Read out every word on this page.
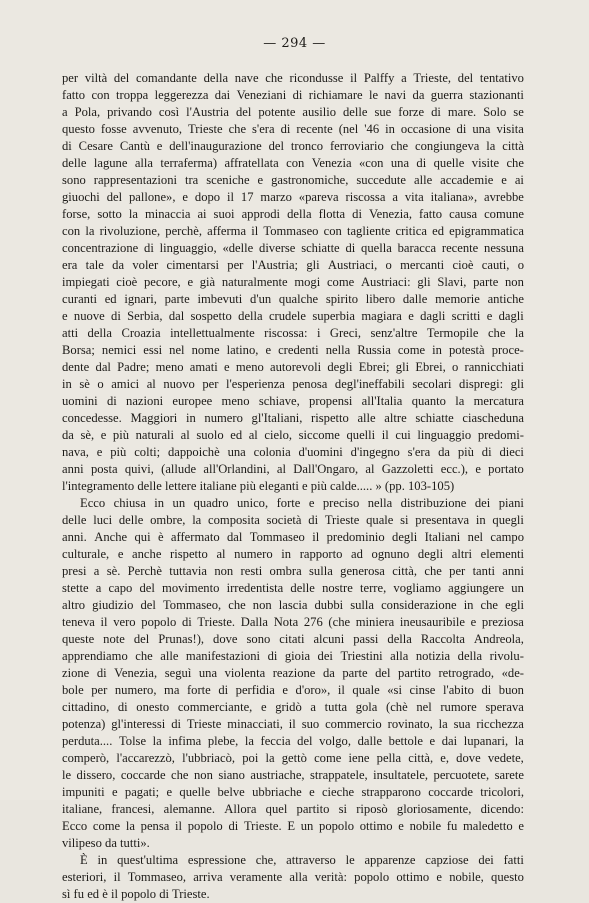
— 294 —
per viltà del comandante della nave che ricondusse il Palffy a Trieste, del tentativo
fatto con troppa leggerezza dai Veneziani di richiamare le navi da guerra stazionanti
a Pola, privando così l'Austria del potente ausilio delle sue forze di mare. Solo se
questo fosse avvenuto, Trieste che s'era di recente (nel '46 in occasione di una visita
di Cesare Cantù e dell'inaugurazione del tronco ferroviario che congiungeva la città
delle lagune alla terraferma) affratellata con Venezia «con una di quelle visite che
sono rappresentazioni tra sceniche e gastronomiche, succedute alle accademie e ai
giuochi del pallone», e dopo il 17 marzo «pareva riscossa a vita italiana», avrebbe
forse, sotto la minaccia ai suoi approdi della flotta di Venezia, fatto causa comune
con la rivoluzione, perchè, afferma il Tommaseo con tagliente critica ed epigrammatica
concentrazione di linguaggio, «delle diverse schiatte di quella baracca recente nessuna
era tale da voler cimentarsi per l'Austria; gli Austriaci, o mercanti cioè cauti, o
impiegati cioè pecore, e già naturalmente mogi come Austriaci: gli Slavi, parte non
curanti ed ignari, parte imbevuti d'un qualche spirito libero dalle memorie antiche
e nuove di Serbia, dal sospetto della crudele superbia magiara e dagli scritti e dagli
atti della Croazia intellettualmente riscossa: i Greci, senz'altre Termopile che la
Borsa; nemici essi nel nome latino, e credenti nella Russia come in potestà proce-
dente dal Padre; meno amati e meno autorevoli degli Ebrei; gli Ebrei, o rannicchiati
in sè o amici al nuovo per l'esperienza penosa degl'ineffabili secolari dispregi: gli
uomini di nazioni europee meno schiave, propensi all'Italia quanto la mercatura
concedesse. Maggiori in numero gl'Italiani, rispetto alle altre schiatte ciascheduna
da sè, e più naturali al suolo ed al cielo, siccome quelli il cui linguaggio predomi-
nava, e più colti; dappoichè una colonia d'uomini d'ingegno s'era da più di dieci
anni posta quivi, (allude all'Orlandini, al Dall'Ongaro, al Gazzoletti ecc.), e portato
l'integramento delle lettere italiane più eleganti e più calde..... » (pp. 103-105)
Ecco chiusa in un quadro unico, forte e preciso nella distribuzione dei piani
delle luci delle ombre, la composita società di Trieste quale si presentava in quegli
anni. Anche qui è affermato dal Tommaseo il predominio degli Italiani nel campo
culturale, e anche rispetto al numero in rapporto ad ognuno degli altri elementi
presi a sè. Perchè tuttavia non resti ombra sulla generosa città, che per tanti anni
stette a capo del movimento irredentista delle nostre terre, vogliamo aggiungere un
altro giudizio del Tommaseo, che non lascia dubbi sulla considerazione in che egli
teneva il vero popolo di Trieste. Dalla Nota 276 (che miniera ineusauribile e preziosa
queste note del Prunas!), dove sono citati alcuni passi della Raccolta Andreola,
apprendiamo che alle manifestazioni di gioia dei Triestini alla notizia della rivolu-
zione di Venezia, seguì una violenta reazione da parte del partito retrogrado, «de-
bole per numero, ma forte di perfidia e d'oro», il quale «si cinse l'abito di buon
cittadino, di onesto commerciante, e gridò a tutta gola (chè nel rumore sperava
potenza) gl'interessi di Trieste minacciati, il suo commercio rovinato, la sua ricchezza
perduta.... Tolse la infima plebe, la feccia del volgo, dalle bettole e dai lupanari, la
comperò, l'accarezzò, l'ubbriacò, poi la gettò come iene pella città, e, dove vedete,
le dissero, coccarde che non siano austriache, strappatele, insultatele, percuotete, sarete
impuniti e pagati; e quelle belve ubbriache e cieche strapparono coccarde tricolori,
italiane, francesi, alemanne. Allora quel partito si riposò gloriosamente, dicendo:
Ecco come la pensa il popolo di Trieste. E un popolo ottimo e nobile fu maledetto e
vilipeso da tutti».
È in quest'ultima espressione che, attraverso le apparenze capziose dei fatti
esteriori, il Tommaseo, arriva veramente alla verità: popolo ottimo e nobile, questo
sì fu ed è il popolo di Trieste.
